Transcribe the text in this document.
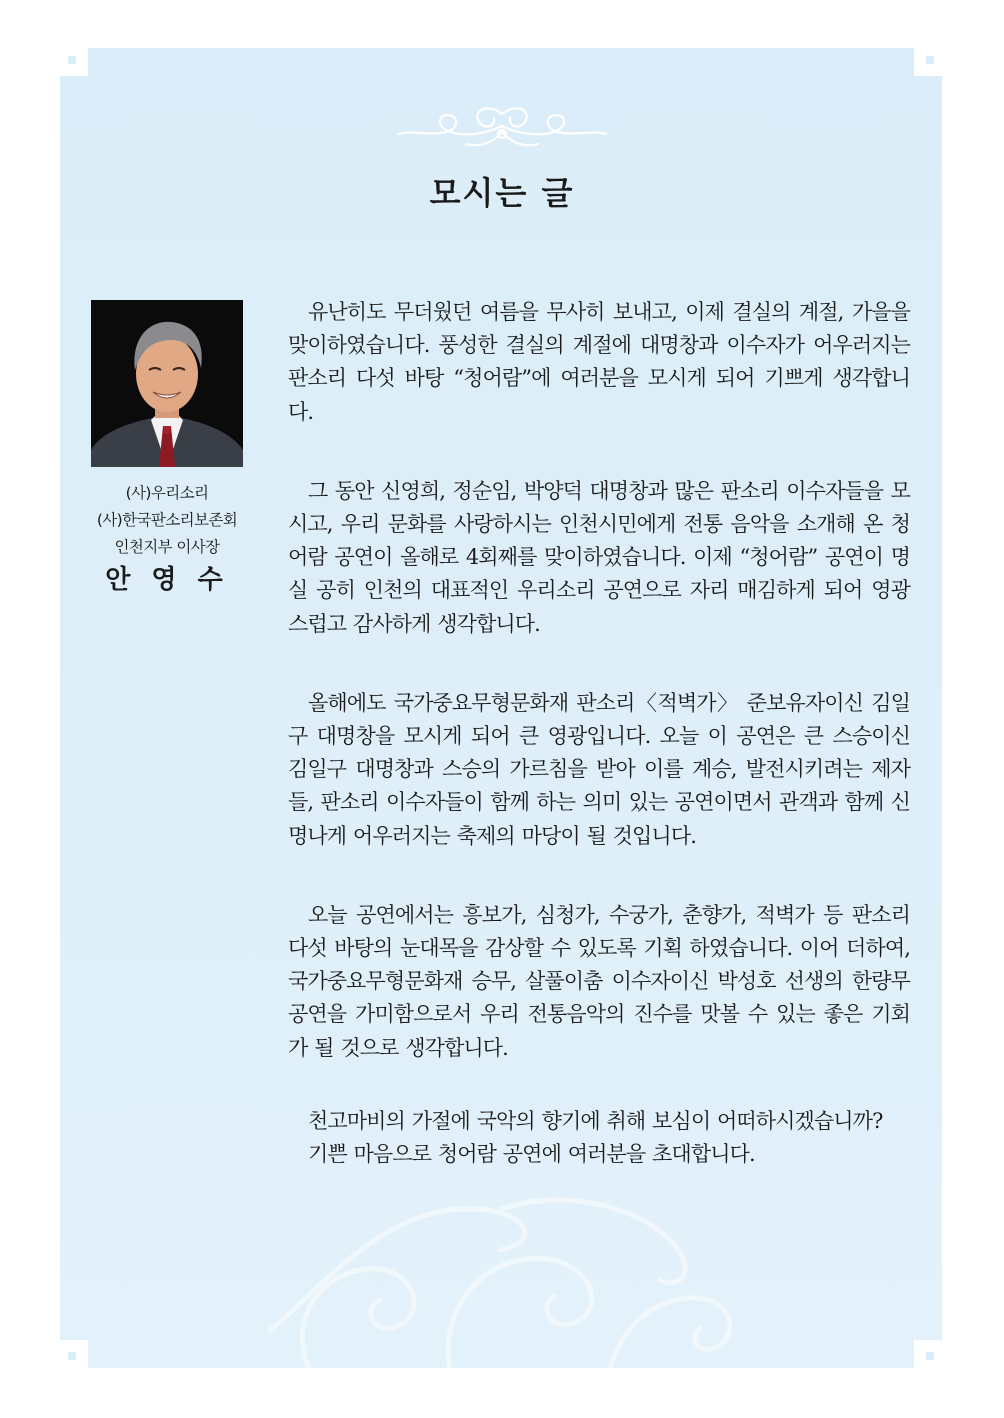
모시는 글
(사)우리소리
(사)한국판소리보존회
인천지부 이사장
안 영 수

유난히도 무더웠던 여름을 무사히 보내고, 이제 결실의 계절, 가을을 맞이하였습니다. 풍성한 결실의 계절에 대명창과 이수자가 어우러지는 판소리 다섯 바탕 “청어람”에 여러분을 모시게 되어 기쁘게 생각합니다.

그 동안 신영희, 정순임, 박양덕 대명창과 많은 판소리 이수자들을 모시고, 우리 문화를 사랑하시는 인천시민에게 전통 음악을 소개해 온 청어람 공연이 올해로 4회째를 맞이하였습니다. 이제 “청어람” 공연이 명실 공히 인천의 대표적인 우리소리 공연으로 자리 매김하게 되어 영광스럽고 감사하게 생각합니다.

올해에도 국가중요무형문화재 판소리〈적벽가〉 준보유자이신 김일구 대명창을 모시게 되어 큰 영광입니다. 오늘 이 공연은 큰 스승이신 김일구 대명창과 스승의 가르침을 받아 이를 계승, 발전시키려는 제자들, 판소리 이수자들이 함께 하는 의미 있는 공연이면서 관객과 함께 신명나게 어우러지는 축제의 마당이 될 것입니다.

오늘 공연에서는 흥보가, 심청가, 수궁가, 춘향가, 적벽가 등 판소리 다섯 바탕의 눈대목을 감상할 수 있도록 기획 하였습니다. 이어 더하여, 국가중요무형문화재 승무, 살풀이춤 이수자이신 박성호 선생의 한량무 공연을 가미함으로서 우리 전통음악의 진수를 맛볼 수 있는 좋은 기회가 될 것으로 생각합니다.

천고마비의 가절에 국악의 향기에 취해 보심이 어떠하시겠습니까?

기쁜 마음으로 청어람 공연에 여러분을 초대합니다.
